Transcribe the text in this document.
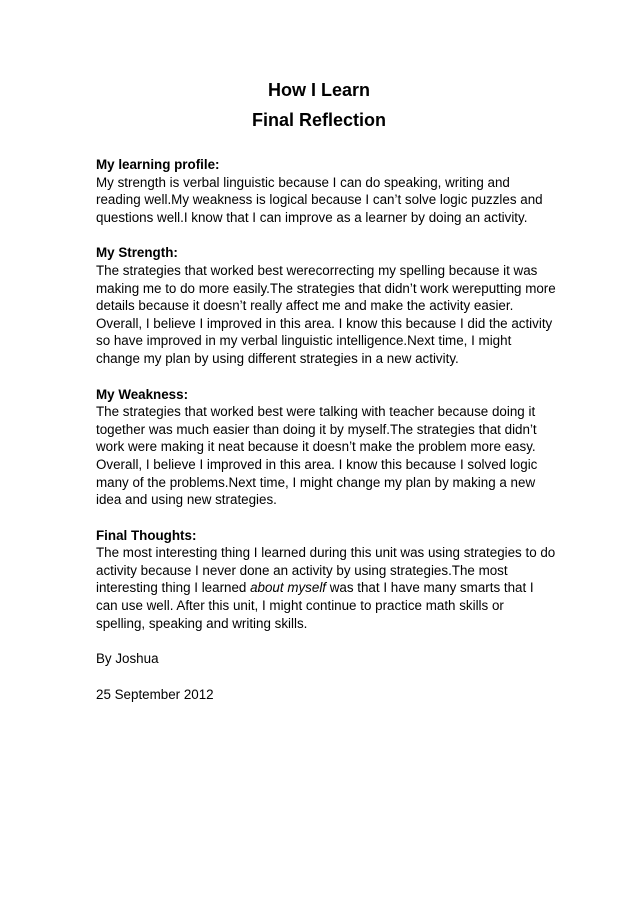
How I Learn
Final Reflection

My learning profile:

My strength is verbal linguistic because I can do speaking, writing and reading well.My weakness is logical because I can’t solve logic puzzles and questions well.I know that I can improve as a learner by doing an activity.

My Strength:

The strategies that worked best werecorrecting my spelling because it was making me to do more easily.The strategies that didn’t work wereputting more details because it doesn’t really affect me and make the activity easier. Overall, I believe I improved in this area. I know this because I did the activity so have improved in my verbal linguistic intelligence.Next time, I might change my plan by using different strategies in a new activity.

My Weakness:

The strategies that worked best were talking with teacher because doing it together was much easier than doing it by myself.The strategies that didn’t work were making it neat because it doesn’t make the problem more easy. Overall, I believe I improved in this area. I know this because I solved logic many of the problems.Next time, I might change my plan by making a new idea and using new strategies.

Final Thoughts:

The most interesting thing I learned during this unit was using strategies to do activity because I never done an activity by using strategies.The most interesting thing I learned about myself was that I have many smarts that I can use well. After this unit, I might continue to practice math skills or spelling, speaking and writing skills.

By Joshua

25 September 2012
